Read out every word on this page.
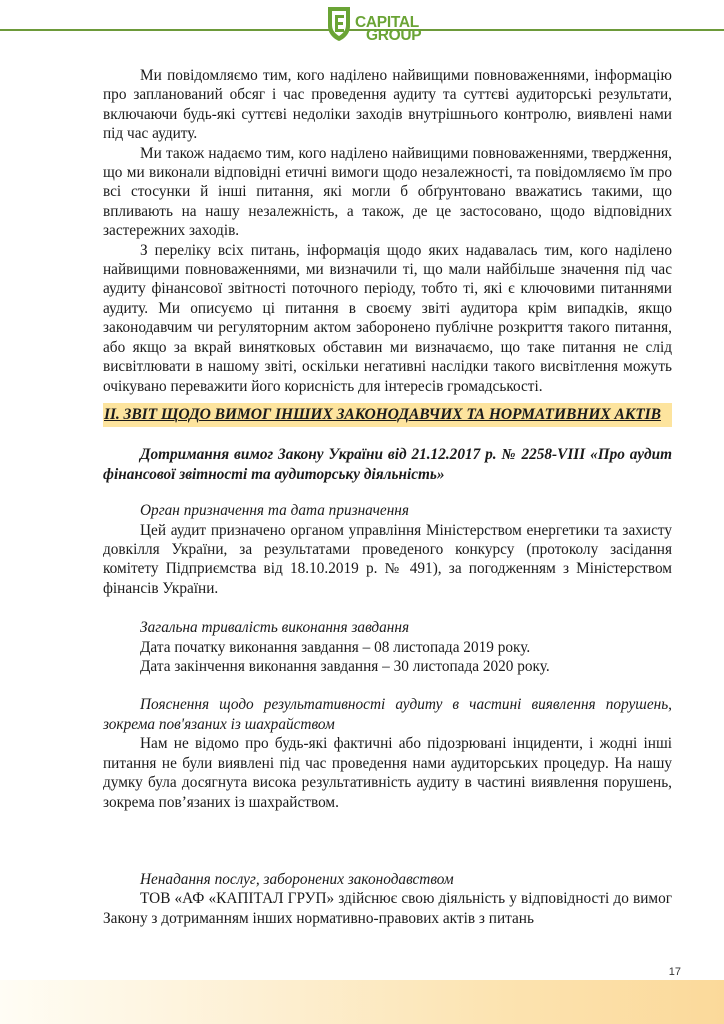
CAPITAL
GROUP

Ми повідомляємо тим, кого наділено найвищими повноваженнями, інформацію про запланований обсяг і час проведення аудиту та суттєві аудиторські результати, включаючи будь-які суттєві недоліки заходів внутрішнього контролю, виявлені нами під час аудиту.

Ми також надаємо тим, кого наділено найвищими повноваженнями, твердження, що ми виконали відповідні етичні вимоги щодо незалежності, та повідомляємо їм про всі стосунки й інші питання, які могли б обґрунтовано вважатись такими, що впливають на нашу незалежність, а також, де це застосовано, щодо відповідних застережних заходів.

З переліку всіх питань, інформація щодо яких надавалась тим, кого наділено найвищими повноваженнями, ми визначили ті, що мали найбільше значення під час аудиту фінансової звітності поточного періоду, тобто ті, які є ключовими питаннями аудиту. Ми описуємо ці питання в своєму звіті аудитора крім випадків, якщо законодавчим чи регуляторним актом заборонено публічне розкриття такого питання, або якщо за вкрай винятковых обставин ми визначаємо, що таке питання не слід висвітлювати в нашому звіті, оскільки негативні наслідки такого висвітлення можуть очікувано переважити його корисність для інтересів громадськості.

II. ЗВІТ ЩОДО ВИМОГ ІНШИХ ЗАКОНОДАВЧИХ ТА НОРМАТИВНИХ АКТІВ

Дотримання вимог Закону України від 21.12.2017 р. № 2258-VIII «Про аудит фінансової звітності та аудиторську діяльність»

Орган призначення та дата призначення

Цей аудит призначено органом управління Міністерством енергетики та захисту довкілля України, за результатами проведеного конкурсу (протоколу засідання комітету Підприємства від 18.10.2019 р. № 491), за погодженням з Міністерством фінансів України.

Загальна тривалість виконання завдання

Дата початку виконання завдання – 08 листопада 2019 року.

Дата закінчення виконання завдання – 30 листопада 2020 року.

Пояснення щодо результативності аудиту в частині виявлення порушень, зокрема пов'язаних із шахрайством

Нам не відомо про будь-які фактичні або підозрювані інциденти, і жодні інші питання не були виявлені під час проведення нами аудиторських процедур. На нашу думку була досягнута висока результативність аудиту в частині виявлення порушень, зокрема пов’язаних із шахрайством.

Ненадання послуг, заборонених законодавством

ТОВ «АФ «КАПІТАЛ ГРУП» здійснює свою діяльність у відповідності до вимог Закону з дотриманням інших нормативно-правових актів з питань

17
